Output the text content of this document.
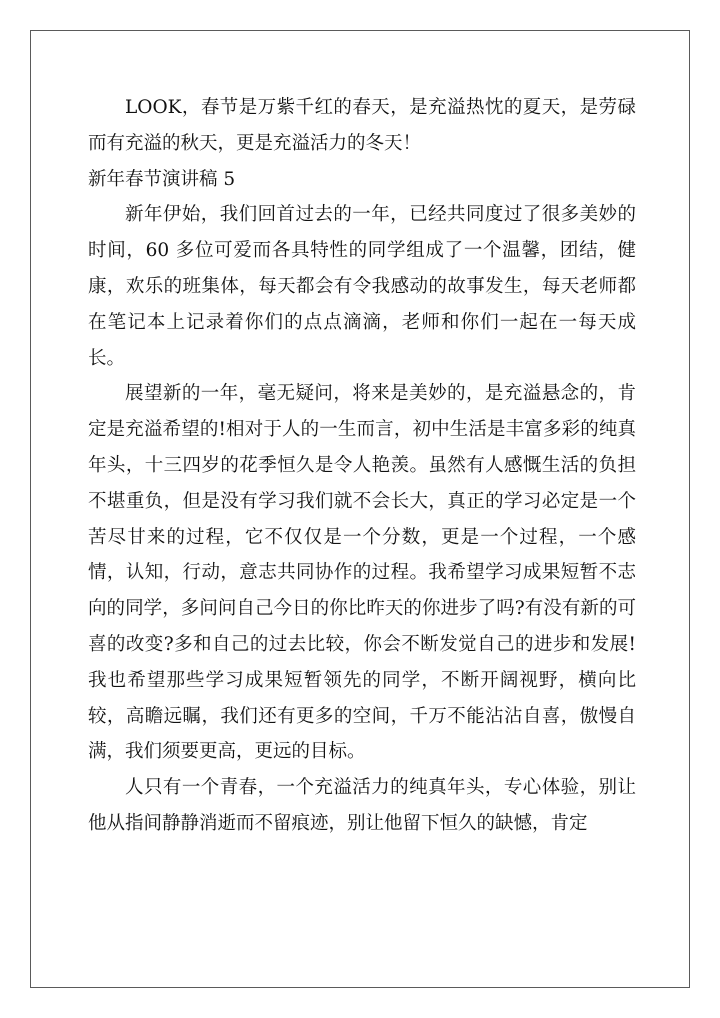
LOOK，春节是万紫千红的春天，是充溢热忱的夏天，是劳碌而有充溢的秋天，更是充溢活力的冬天！

新年春节演讲稿 5

新年伊始，我们回首过去的一年，已经共同度过了很多美妙的时间，60 多位可爱而各具特性的同学组成了一个温馨，团结，健康，欢乐的班集体，每天都会有令我感动的故事发生，每天老师都在笔记本上记录着你们的点点滴滴，老师和你们一起在一每天成长。

展望新的一年，毫无疑问，将来是美妙的，是充溢悬念的，肯定是充溢希望的!相对于人的一生而言，初中生活是丰富多彩的纯真年头，十三四岁的花季恒久是令人艳羡。虽然有人感慨生活的负担不堪重负，但是没有学习我们就不会长大，真正的学习必定是一个苦尽甘来的过程，它不仅仅是一个分数，更是一个过程，一个感情，认知，行动，意志共同协作的过程。我希望学习成果短暂不志向的同学，多问问自己今日的你比昨天的你进步了吗?有没有新的可喜的改变?多和自己的过去比较，你会不断发觉自己的进步和发展!我也希望那些学习成果短暂领先的同学，不断开阔视野，横向比较，高瞻远瞩，我们还有更多的空间，千万不能沾沾自喜，傲慢自满，我们须要更高，更远的目标。

人只有一个青春，一个充溢活力的纯真年头，专心体验，别让他从指间静静消逝而不留痕迹，别让他留下恒久的缺憾，肯定
